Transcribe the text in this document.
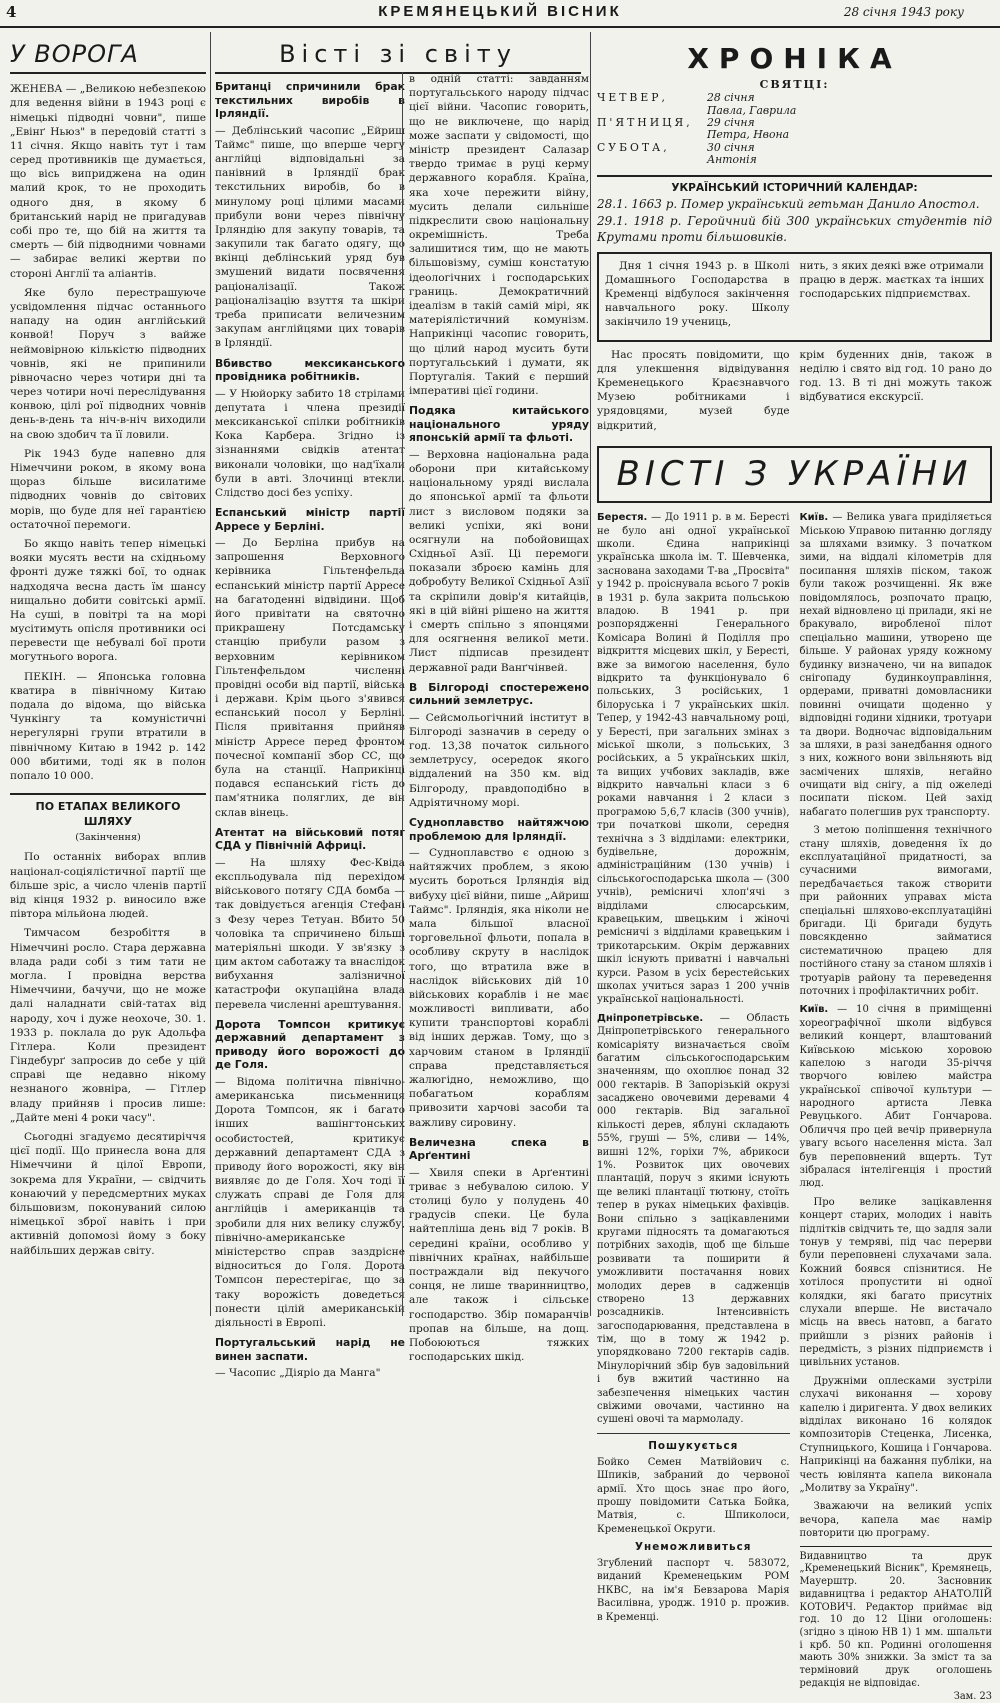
4	КРЕМЯНЕЦЬКИЙ ВІСНИК	28 січня 1943 року
У ВОРОГА

ЖЕНЕВА — „Великою небезпекою для ведення війни в 1943 році є німецькі підводні човни", пише „Евінґ Ньюз" в передовій статті з 11 січня. Якщо навіть тут і там серед противників ще думається, що вісь виприджена на один малий крок, то не проходить одного дня, в якому б британський нарід не пригадував собі про те, що бій на життя та смерть — бій підводними човнами — забирає великі жертви по стороні Англії та аліантів.

Яке було перестрашуюче усвідомлення підчас останнього нападу на один англійський конвой! Поруч з вайже неймовірною кількістю підводних човнів, які не припинили рівночасно через чотири дні та через чотири ночі переслідування конвою, цілі рої підводних човнів день-в-день та ніч-в-ніч виходили на свою здобич та її ловили.

Рік 1943 буде напевно для Німеччини роком, в якому вона щораз більше висилатиме підводних човнів до світових морів, що буде для неї гарантією остаточної перемоги.

Бо якщо навіть тепер німецькі вояки мусять вести на східньому фронті дуже тяжкі бої, то однак надходяча весна дасть їм шансу нищально добити совітські армії. На суші, в повітрі та на морі мусітимуть опісля противники осі перевести ще небувалі бої проти могутнього ворога.

ПЕКІН. — Японська головна кватира в північному Китаю подала до відома, що війська Чункінгу та комуністичні нерегулярні групи втратили в північному Китаю в 1942 р. 142 000 вбитими, тоді як в полон попало 10 000.

ПО ЕТАПАХ ВЕЛИКОГО ШЛЯХУ
(Закінчення)

По останніх виборах вплив націонал-соціялістичної партії ще більше зріс, а число членів партії від кінця 1932 р. виносило вже півтора мільйона людей.

Тимчасом безробіття в Німеччині росло. Стара державна влада ради собі з тим тати не могла. І провідна верства Німеччини, бачучи, що не може далі наладнати свій-татах від народу, хоч і дуже неохоче, 30. 1. 1933 р. поклала до рук Адольфа Гітлера. Коли президент Гіндебурґ запросив до себе у цій справі ще недавно нікому незнаного жовніра, — Гітлер владу прийняв і просив лише: „Дайте мені 4 роки часу".

Сьогодні згадуємо десятиріччя цієї події. Що принесла вона для Німеччини й цілої Европи, зокрема для України, — свідчить конаючий у передсмертних муках більшовизм, поконуваний силою німецької зброї навіть і при активній допомозі йому з боку найбільших держав світу.

Вісті зі світу
Британці спричинили брак текстильних виробів в Ірляндії.

— Деблінський часопис „Ейриш Таймс" пише, що вперше чергу англійці відповідальні за панівний в Ірляндії брак текстильних виробів, бо в минулому році цілими масами прибули вони через північну Ірляндію для закупу товарів, та закупили так багато одягу, що вкінці деблінський уряд був змушений видати посвячення раціоналізації. Також раціоналізацію взуття та шкіри треба приписати величезним закупам англійцями цих товарів в Ірляндії.

Вбивство мексиканського провідника робітників.

— У Нюйорку забито 18 стрілами депутата і члена президії мексиканської спілки робітників Кока Карбера. Згідно із зізнаннями свідків атентат виконали чоловіки, що над'їхали були в авті. Злочинці втекли. Слідство досі без успіху.

Еспанський міністр партії Арресе у Берліні.

— До Берліна прибув на запрошення Верховного керівника Гільтенфельда еспанський міністр партії Арресе на багатоденні відвідини. Щоб його привітати на святочно прикрашену Потсдамську станцію прибули разом з верховним керівником Гільтенфельдом численні провідні особи від партії, війська і держави. Крім цього з'явився еспанський посол у Берліні. Після привітання прийняв міністр Арресе перед фронтом почесної компанії збор СС, що була на станції. Наприкінці подався еспанський гість до пам'ятника поляглих, де він склав вінець.

Атентат на військовий потяг СДА у Північній Африці.

— На шляху Фес-Квіда експльодувала під перехідом військового потягу СДА бомба — так довідується агенція Стефані з Фезу через Тетуан. Вбито 50 чоловіка та спричинено більші матеріяльні шкоди. У зв'язку з цим актом саботажу та внаслідок вибухання залізничної катастрофи окупаційна влада перевела численні арештування.

Дорота Томпсон критикує державний департамент з приводу його ворожості до де Голя.

— Відома політична північно-американська письменниця Дорота Томпсон, як і багато інших вашінгтонських особистостей, критикує державний департамент СДА з приводу його ворожості, яку він виявляє до де Голя. Хоч тоді її служать справі де Голя для англійців і американців та зробили для них велику службу, північно-американське міністерство справ заздрісне відноситься до Голя. Дорота Томпсон перестерігає, що за таку ворожість доведеться понести цілій американській діяльності в Европі.

Португальський нарід не винен заспати.

— Часопис „Діяріо да Манга"

в одній статті: завданням португальського народу підчас цієї війни. Часопис говорить, що не виключене, що нарід може заспати у свідомості, що міністр президент Салазар твердо тримає в руці керму державного корабля. Країна, яка хоче пережити війну, мусить делали сильніше підкреслити свою національну окремішність. Треба залишитися тим, що не мають більшовізму, суміш констатую ідеологічних і господарських границь. Демократичний ідеалізм в такій самій мірі, як матеріялістичний комунізм. Наприкінці часопис говорить, що цілий народ мусить бути португальський і думати, як Португалія. Такий є перший імперативі цієї години.

Подяка китайського національного уряду японській армії та фльоті.

— Верховна національна рада оборони при китайському національному уряді вислала до японської армії та фльоти лист з висловом подяки за великі успіхи, які вони осягнули на побойовищах Східньої Азії. Ці перемоги показали зброєю камінь для добробуту Великої Східньої Азії та скріпили довір'я китайців, які в цій війні рішено на життя і смерть спільно з японцями для осягнення великої мети. Лист підписав президент державної ради Ванґчінвей.

В Білгороді спостережено сильний землетрус.

— Сейсмольогічний інститут в Білгороді зазначив в середу о год. 13,38 початок сильного землетрусу, осередок якого віддалений на 350 км. від Білгороду, правдоподібно в Адріятичному морі.

Судноплавство найтяжчою проблемою для Ірляндії.

— Судноплавство є одною з найтяжчих проблем, з якою мусить бороться Ірляндія від вибуху цієї війни, пише „Айриш Таймс". Ірляндія, яка ніколи не мала більшої власної торговельної фльоти, попала в особливу скруту в наслідок того, що втратила вже в наслідок військових дій 10 військових кораблів і не має можливості випливати, або купити транспортові кораблі від інших держав. Тому, що з харчовим станом в Ірляндії справа представляється жалюгідно, неможливо, що побагатьом кораблям привозити харчові засоби та важливу сировину.

Величезна спека в Арґентині

— Хвиля спеки в Арґентині триває з небувалою силою. У столиці було у полудень 40 градусів спеки. Це була найтепліша день від 7 років. В середині країни, особливо у північних країнах, найбільше постраждали від пекучого сонця, не лише тваринництво, але також і сільське господарство. Збір помаранчів пропав на більше, на дощ. Побоюються тяжких господарських шкід.

ХРОНІКА
СВЯТЦІ:
ЧЕТВЕР,	28 січня
Павла, Гаврила
П'ЯТНИЦЯ,	29 січня
Петра, Нвона
СУБОТА,	30 січня
Антонія
УКРАЇНСЬКИЙ ІСТОРИЧНИЙ КАЛЕНДАР:
28.1. 1663 р. Помер український гетьман Данило Апостол.
29.1. 1918 р. Геройчний бій 300 українських студентів під Крутами проти більшовиків.

Дня 1 січня 1943 р. в Школі Домашнього Господарства в Кременці відбулося закінчення навчального року. Школу закінчило 19 учениць,

нить, з яких деякі вже отримали працю в держ. маєтках та інших господарських підприємствах.

Нас просять повідомити, що для улекшення відвідування Кременецького Краєзнавчого Музею робітниками і урядовцями, музей буде відкритий,

крім буденних днів, також в неділю і свято від год. 10 рано до год. 13. В ті дні можуть також відбуватися екскурсії.

ВІСТІ З УКРАЇНИ

Берестя. — До 1911 р. в м. Бересті не було ані одної української школи. Єдина наприкінці українська школа ім. Т. Шевченка, заснована заходами Т-ва „Просвіта" у 1942 р. проіснувала всього 7 років в 1931 р. була закрита польською владою. В 1941 р. при розпорядженні Генерального Комісара Волині й Поділля про відкриття місцевих шкіл, у Бересті, вже за вимогою населення, було відкрито та функціонувало 6 польських, 3 російських, 1 білоруська і 7 українських шкіл. Тепер, у 1942-43 навчальному році, у Бересті, при загальних змінах з міської школи, з польських, 3 російських, а 5 українських шкіл, та вищих учбових закладів, вже відкрито навчальні класи з 6 роками навчання і 2 класи з програмою 5,6,7 класів (300 учнів), три початкові школи, середня технічна з 3 відділами: електрики, будівельне, дорожнім, адміністраційним (130 учнів) і сільськогосподарська школа — (300 учнів), ремісничі хлоп'ячі з відділами слюсарським, кравецьким, швецьким і жіночі ремісничі з відділами кравецьким і трикотарським. Окрім державних шкіл існують приватні і навчальні курси. Разом в усіх берестейських школах учиться зараз 1 200 учнів української національності.

Дніпропетрівське. — Область Дніпропетрівського генерального комісаріяту визначається своїм багатим сільськогосподарським значенням, що охоплює понад 32 000 гектарів. В Запорізькій окрузі засаджено овочевими деревами 4 000 гектарів. Від загальної кількості дерев, яблуні складають 55%, груші — 5%, сливи — 14%, вишні 12%, горіхи 7%, абрикоси 1%. Розвиток цих овочевих плантацій, поруч з якими існують ще великі плантації тютюну, стоїть тепер в руках німецьких фахівців. Вони спільно з зацікавленими кругами підносять та домагаються потрібних заходів, щоб ще більше розвивати та поширити й уможливити постачання нових молодих дерев в садженців створено 13 державних розсадників. Інтенсивність загосподарювання, представлена в тім, що в тому ж 1942 р. упорядковано 7200 гектарів садів. Мінулорічний збір був задовільний і був вжитий частинно на забезпечення німецьких частин свіжими овочами, частинно на сушені овочі та мармоладу.

Пошукується

Бойко Семен Матвійович с. Шпиків, забраний до червоної армії. Хто щось знає про його, прошу повідомити Сатька Бойка, Матвія, с. Шпиколоси, Кременецької Округи.

Унеможливиться

Згублений паспорт ч. 583072, виданий Кременецьким РОМ НКВС, на ім'я Бевзарова Марія Василівна, уродж. 1910 р. прожив. в Кременці.

Київ. — Велика увага приділяється Міською Управою питанню догляду за шляхами взимку. З початком зими, на віддалі кілометрів для посипання шляхів піском, також були також розчищенні. Як вже повідомлялось, розпочато працю, нехай відновлено ці прилади, які не бракувало, виробленої пілот спеціально машини, утворено ще більше. У районах уряду кожному будинку визначено, чи на випадок снігопаду будинкоуправління, ордерами, приватні домовласники повинні очищати щоденно у відповідні години хідники, тротуари та двори. Водночас відповідальним за шляхи, в разі занедбання одного з них, кожного вони звільняють від засмічених шляхів, негайно очищати від снігу, а під ожеледі посипати піском. Цей захід набагато полегшив рух транспорту.

З метою поліпшення технічного стану шляхів, доведення їх до експлуатаційної придатності, за сучасними вимогами, передбачається також створити при районних управах міста спеціальні шляхово-експлуатаційні бригади. Ці бригади будуть повсякденно займатися систематичною працею для постійного стану за станом шляхів і тротуарів району та переведення поточних і профілактичних робіт.

Київ. — 10 січня в приміщенні хореографічної школи відбувся великий концерт, влаштований Київською міською хоровою капелою з нагоди 35-річчя творчого ювілею майстра української співочої культури — народного артиста Левка Ревуцького. Абит Гончарова. Обличчя про цей вечір привернула увагу всього населення міста. Зал був переповнений вщерть. Тут зібралася інтелігенція і простий люд.

Про велике зацікавлення концерт старих, молодих і навіть підлітків свідчить те, що задля зали тонув у темряві, під час перерви були переповнені слухачами зала. Кожний боявся спізнитися. Не хотілося пропустити ні одної колядки, які багато присутніх слухали вперше. Не вистачало місць на ввесь натовп, а багато прийшли з різних районів і передмість, з різних підприємств і цивільних установ.

Дружніми оплесками зустріли слухачі виконання — хорову капелю і диригента. У двох великих відділах виконано 16 колядок композиторів Стеценка, Лисенка, Ступницького, Кошица і Гончарова. Наприкінці на бажання публіки, на честь ювілянта капела виконала „Молитву за Україну".

Зважаючи на великий успіх вечора, капела має намір повторити цю програму.

Видавництво та друк „Кременецький Вісник", Кремянець, Мауерштр. 20. Засновник видавництва і редактор АНАТОЛІЙ КОТОВИЧ. Редактор приймає від год. 10 до 12 Ціни оголошень: (згідно з ціною НВ 1) 1 мм. шпальти і крб. 50 кп. Родинні оголошення мають 30% знижки. За зміст та за терміновий друк оголошень редакція не відповідає.
Зам. 23
